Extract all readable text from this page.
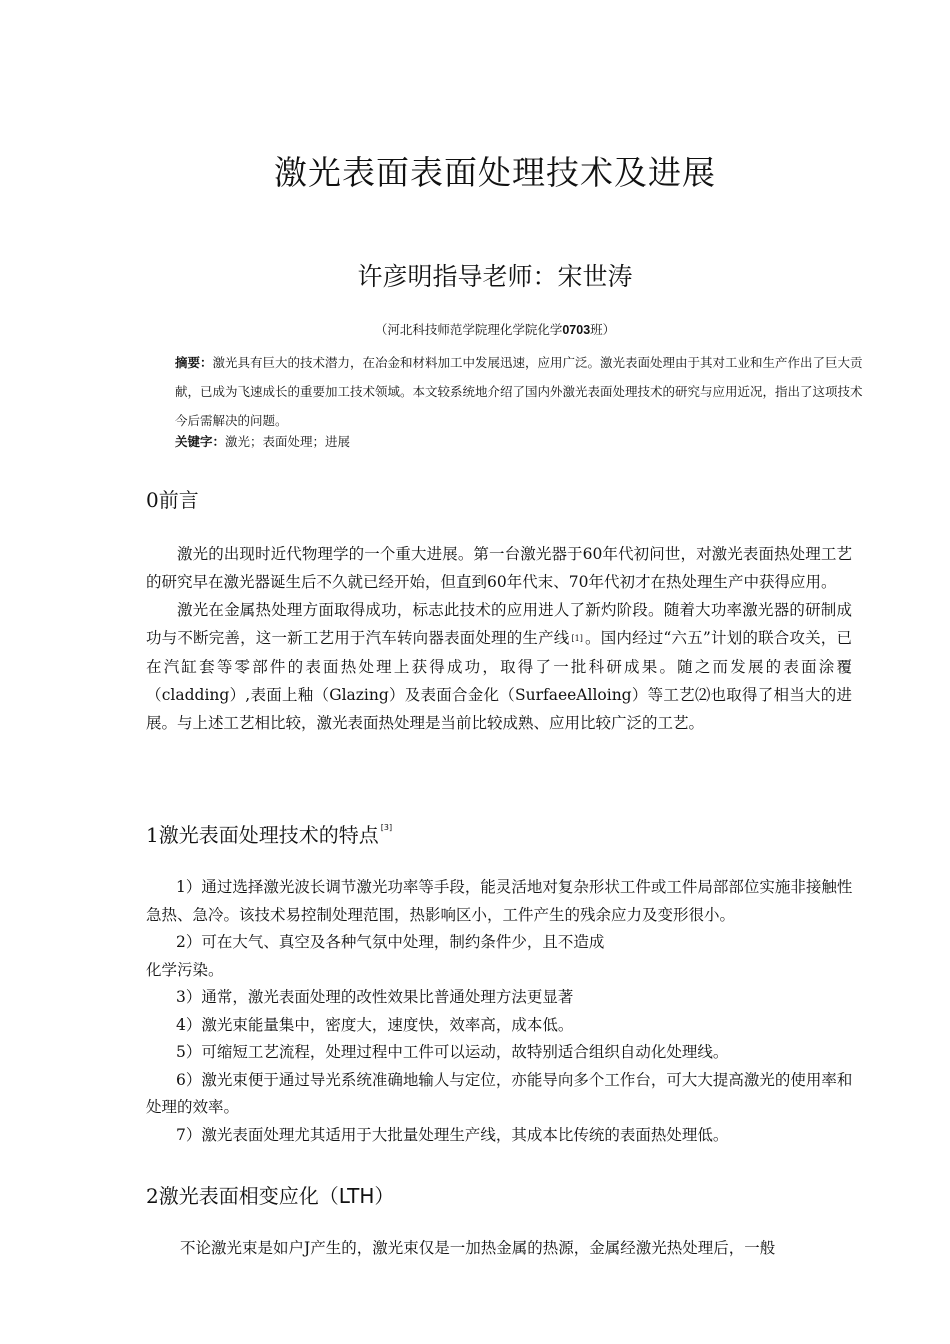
激光表面表面处理技术及进展
许彦明指导老师：宋世涛
（河北科技师范学院理化学院化学0703班）
摘要：激光具有巨大的技术潜力，在冶金和材料加工中发展迅速，应用广泛。激光表面处理由于其对工业和生产作出了巨大贡献，已成为飞速成长的重要加工技术领域。本文较系统地介绍了国内外激光表面处理技术的研究与应用近况，指出了这项技术今后需解决的问题。
关键字：激光；表面处理；进展
0前言

激光的出现时近代物理学的一个重大进展。第一台激光器于60年代初问世，对激光表面热处理工艺的研究早在激光器诞生后不久就已经开始，但直到60年代末、70年代初才在热处理生产中获得应用。

激光在金属热处理方面取得成功，标志此技术的应用进人了新灼阶段。随着大功率激光器的研制成功与不断完善，这一新工艺用于汽车转向器表面处理的生产线 [1] 。国内经过“六五”计划的联合攻关，已在汽缸套等零部件的表面热处理上获得成功，取得了一批科研成果。随之而发展的表面涂覆（cladding）,表面上釉（Glazing）及表面合金化（SurfaeeAlloing）等工艺⑵也取得了相当大的进展。与上述工艺相比较，激光表面热处理是当前比较成熟、应用比较广泛的工艺。

1激光表面处理技术的特点 [3]
1）通过选择激光波长调节激光功率等手段，能灵活地对复杂形状工件或工件局部部位实施非接触性急热、急冷。该技术易控制处理范围，热影响区小，工件产生的残余应力及变形很小。
2）可在大气、真空及各种气氛中处理，制约条件少，且不造成
化学污染。
3）通常，激光表面处理的改性效果比普通处理方法更显著
4）激光束能量集中，密度大，速度快，效率高，成本低。
5）可缩短工艺流程，处理过程中工件可以运动，故特别适合组织自动化处理线。
6）激光束便于通过导光系统准确地输人与定位，亦能导向多个工作台，可大大提高激光的使用率和处理的效率。
7）激光表面处理尤其适用于大批量处理生产线，其成本比传统的表面热处理低。
2激光表面相变应化（LTH）
不论激光束是如户J产生的，激光束仅是一加热金属的热源，金属经激光热处理后，一般
